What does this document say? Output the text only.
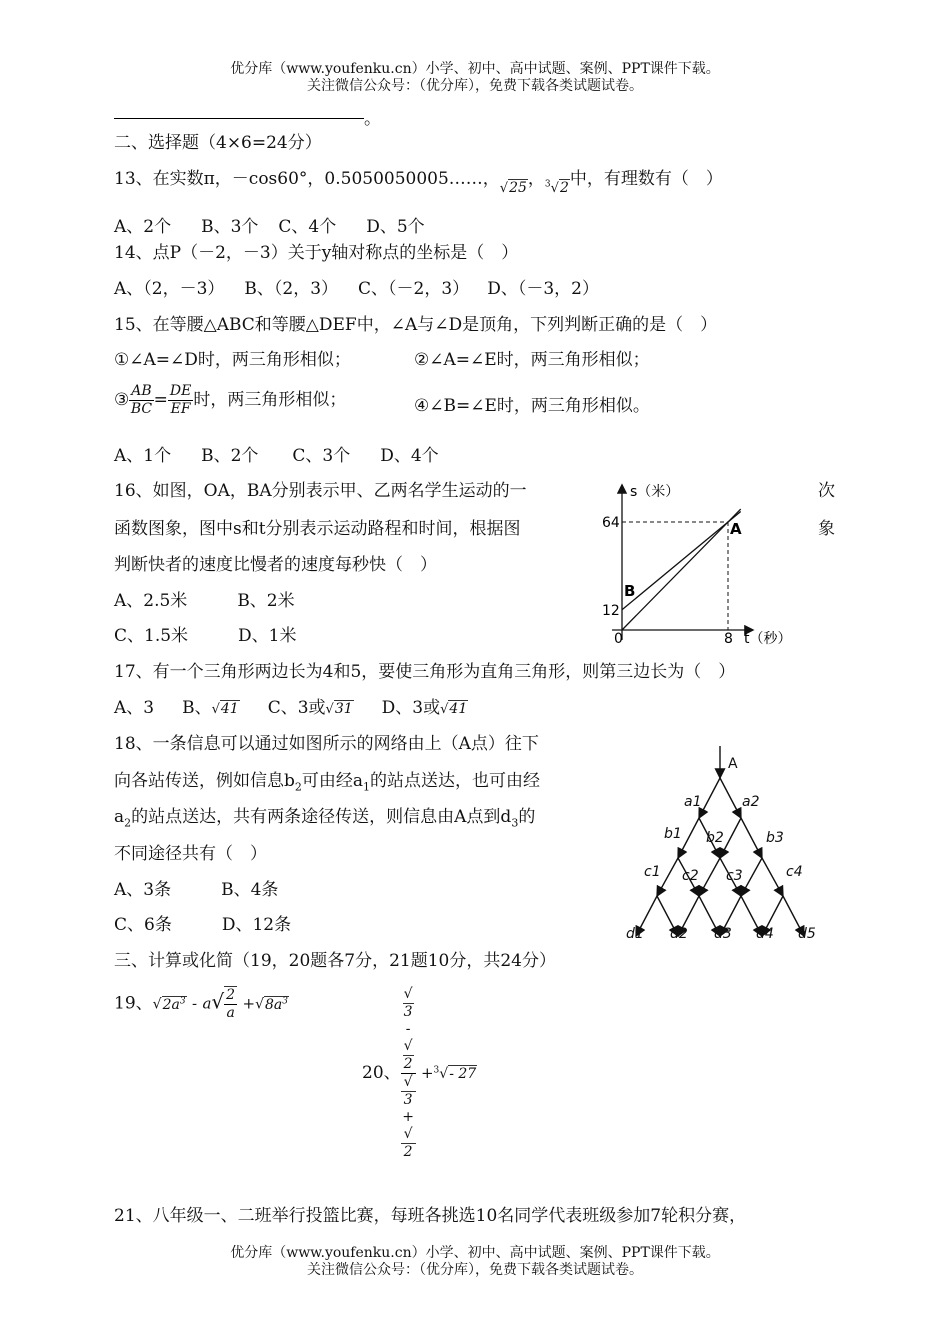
优分库（www.youfenku.cn）小学、初中、高中试题、案例、PPT课件下载。
关注微信公众号：（优分库），免费下载各类试题试卷。
。
二、选择题（4×6=24分）
13、在实数π，－cos60°，0.5050050005……，$_{√25}$，$_{^3√2}$中，有理数有（　）
A、2个 B、3个 C、4个 D、5个
14、点P（－2，－3）关于y轴对称点的坐标是（　）
A、（2，－3） B、（2，3） C、（－2，3） D、（－3，2）
15、在等腰△ABC和等腰△DEF中，∠A与∠D是顶角，下列判断正确的是（　）
①∠A=∠D时，两三角形相似；	②∠A=∠E时，两三角形相似；
③ $\frac{AB}{BC} = \frac{DE}{EF}$ 时，两三角形相似；	④∠B=∠E时，两三角形相似。
A、1个 B、2个 C、3个 D、4个
16、如图，OA，BA分别表示甲、乙两名学生运动的一	次
函数图象，图中s和t分别表示运动路程和时间，根据图	象
判断快者的速度比慢者的速度每秒快（　）
A、2.5米	B、2米
C、1.5米	D、1米
s（米）
t（秒）
64
12
8
0
A
B
17、有一个三角形两边长为4和5，要使三角形为直角三角形，则第三边长为（　）
A、3 B、√41 C、3或√31 D、3或√41
18、一条信息可以通过如图所示的网络由上（A点）往下
向各站传送，例如信息$b_2$可由经$a_1$的站点送达，也可由经
$a_2$的站点送达，共有两条途径传送，则信息由A点到$d_3$的
不同途径共有（　）
A、3条	B、4条
C、6条	D、12条
A
a1	a2
b1 b2	b3
c1 c2 c3	c4
d1 d2 d3 d4 d5
三、计算或化简（19，20题各7分，21题10分，共24分）
19、$√2a^3 - a√ \frac{2}{a} +√8a^3$
20、 √
3
-
√
2
√
3
+
√
2 +$^3$√- 27
21、八年级一、二班举行投篮比赛，每班各挑选10名同学代表班级参加7轮积分赛，
优分库（www.youfenku.cn）小学、初中、高中试题、案例、PPT课件下载。
关注微信公众号：（优分库），免费下载各类试题试卷。
